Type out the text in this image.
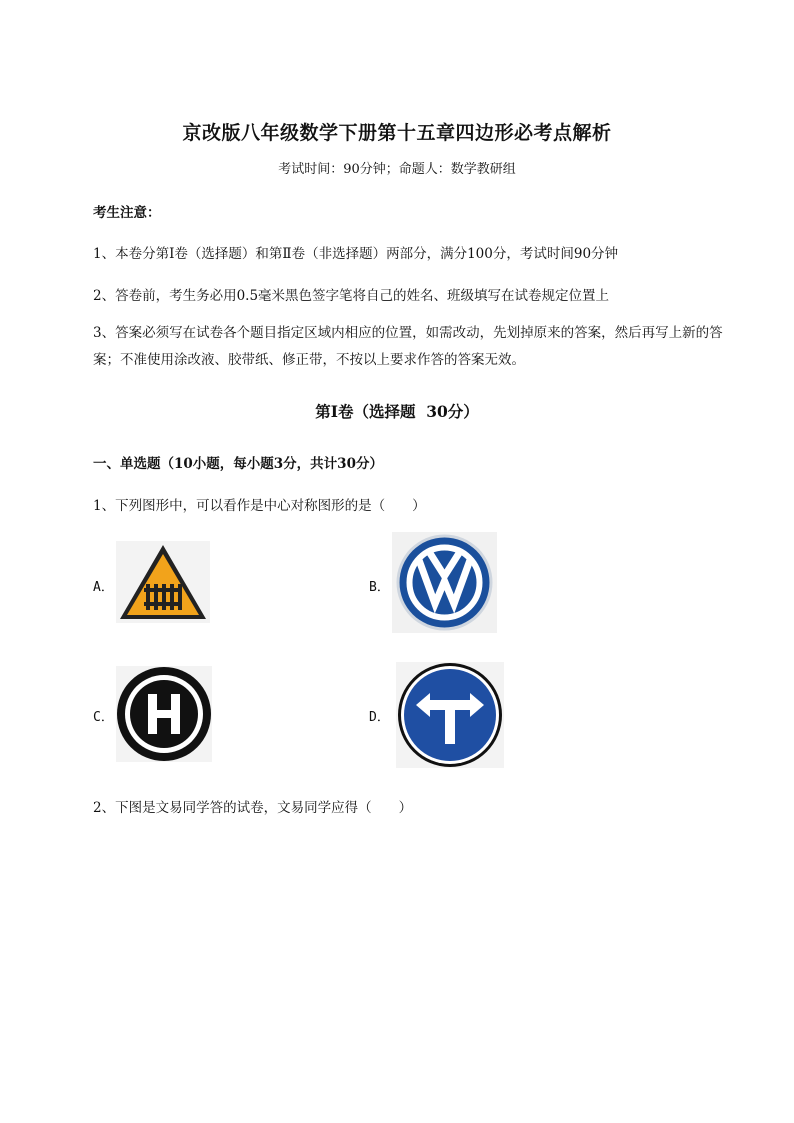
京改版八年级数学下册第十五章四边形必考点解析
考试时间：90分钟；命题人：数学教研组
考生注意：
1、本卷分第I卷（选择题）和第Ⅱ卷（非选择题）两部分，满分100分，考试时间90分钟
2、答卷前，考生务必用0.5毫米黑色签字笔将自己的姓名、班级填写在试卷规定位置上
3、答案必须写在试卷各个题目指定区域内相应的位置，如需改动，先划掉原来的答案，然后再写上新的答案；不准使用涂改液、胶带纸、修正带，不按以上要求作答的答案无效。
第I卷（选择题  30分）
一、单选题（10小题，每小题3分，共计30分）
1、下列图形中，可以看作是中心对称图形的是（　　）
A．	B．
C．	D．
2、下图是文易同学答的试卷，文易同学应得（　　）
